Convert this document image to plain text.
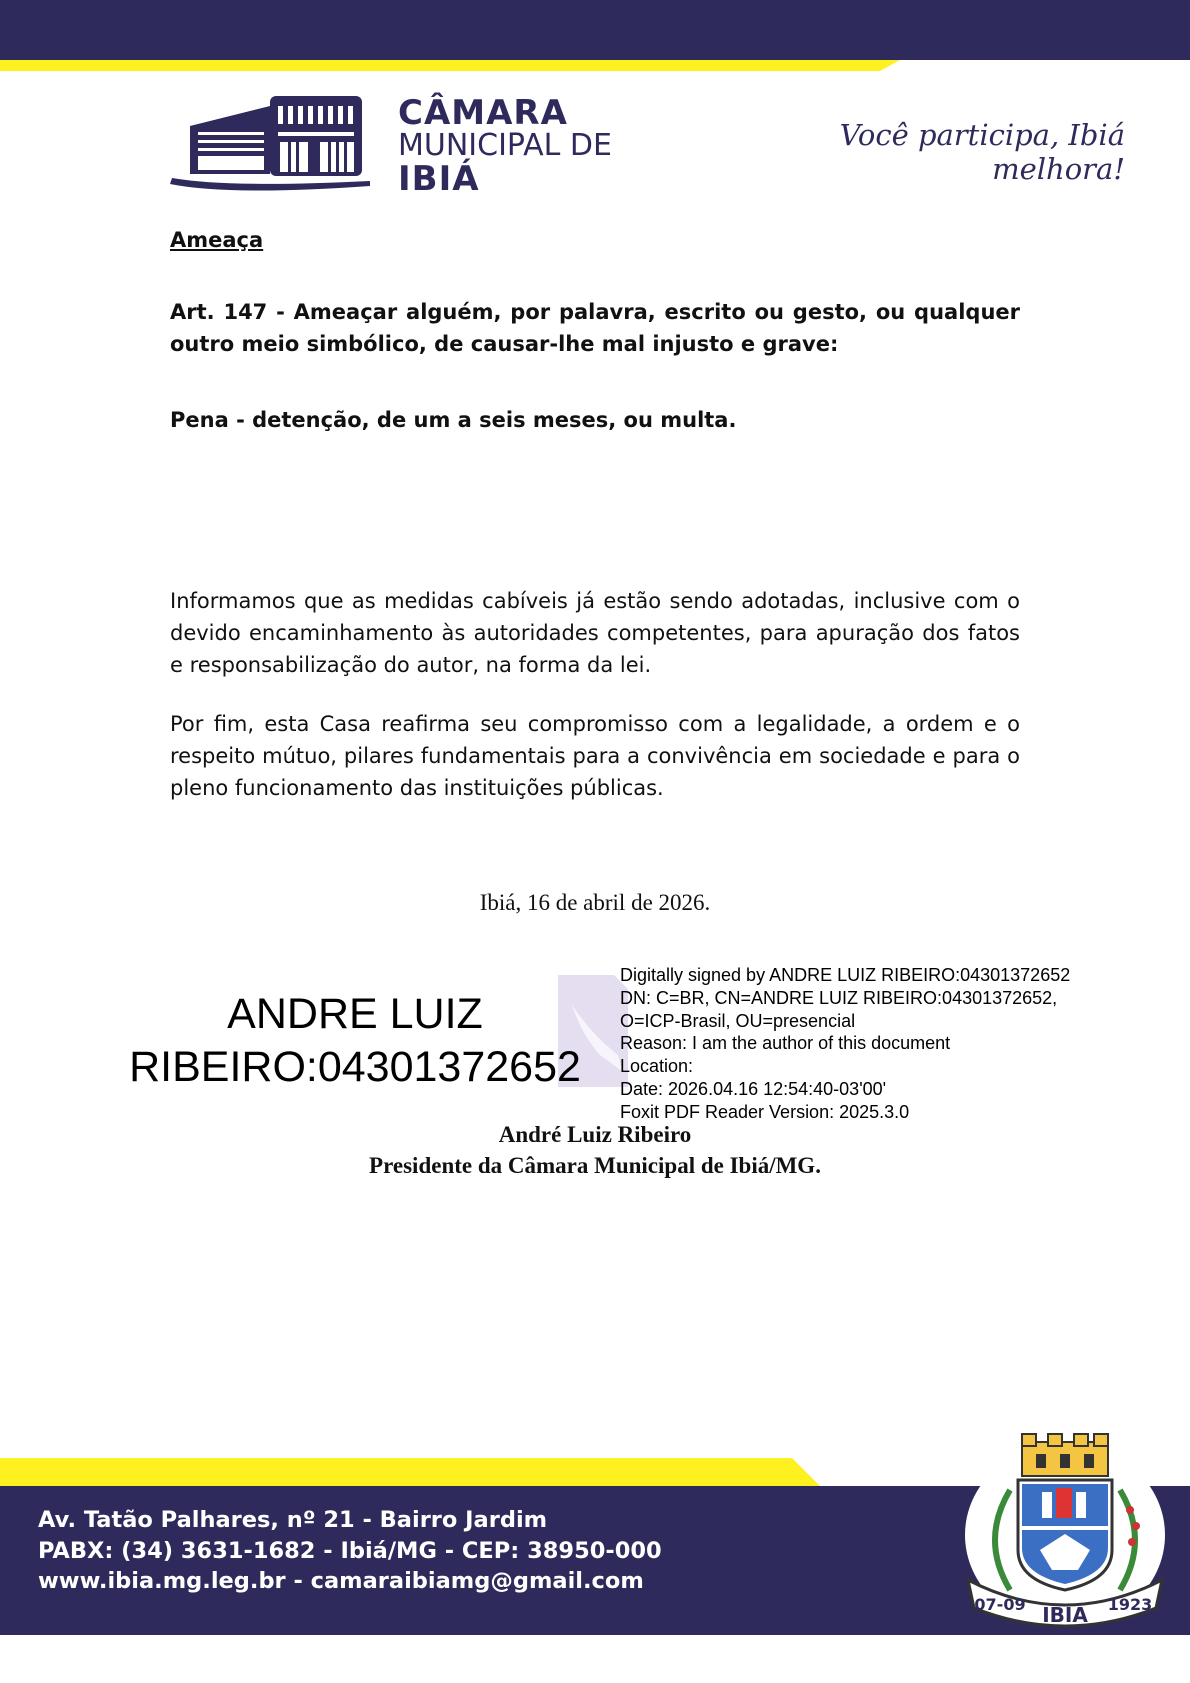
CÂMARA
MUNICIPAL DE
IBIÁ
Você participa, Ibiá melhora!
Ameaça
Art. 147 - Ameaçar alguém, por palavra, escrito ou gesto, ou qualquer outro meio simbólico, de causar-lhe mal injusto e grave:
Pena - detenção, de um a seis meses, ou multa.
Informamos que as medidas cabíveis já estão sendo adotadas, inclusive com o devido encaminhamento às autoridades competentes, para apuração dos fatos e responsabilização do autor, na forma da lei.
Por fim, esta Casa reafirma seu compromisso com a legalidade, a ordem e o respeito mútuo, pilares fundamentais para a convivência em sociedade e para o pleno funcionamento das instituições públicas.
Ibiá, 16 de abril de 2026.
ANDRE LUIZ
RIBEIRO:04301372652
Digitally signed by ANDRE LUIZ RIBEIRO:04301372652
DN: C=BR, CN=ANDRE LUIZ RIBEIRO:04301372652,
O=ICP-Brasil, OU=presencial
Reason: I am the author of this document
Location:
Date: 2026.04.16 12:54:40-03'00'
Foxit PDF Reader Version: 2025.3.0
André Luiz Ribeiro
Presidente da Câmara Municipal de Ibiá/MG.
Av. Tatão Palhares, nº 21 - Bairro Jardim
PABX: (34) 3631-1682 - Ibiá/MG - CEP: 38950-000
www.ibia.mg.leg.br - camaraibiamg@gmail.com
07-09 IBIÁ 1923
